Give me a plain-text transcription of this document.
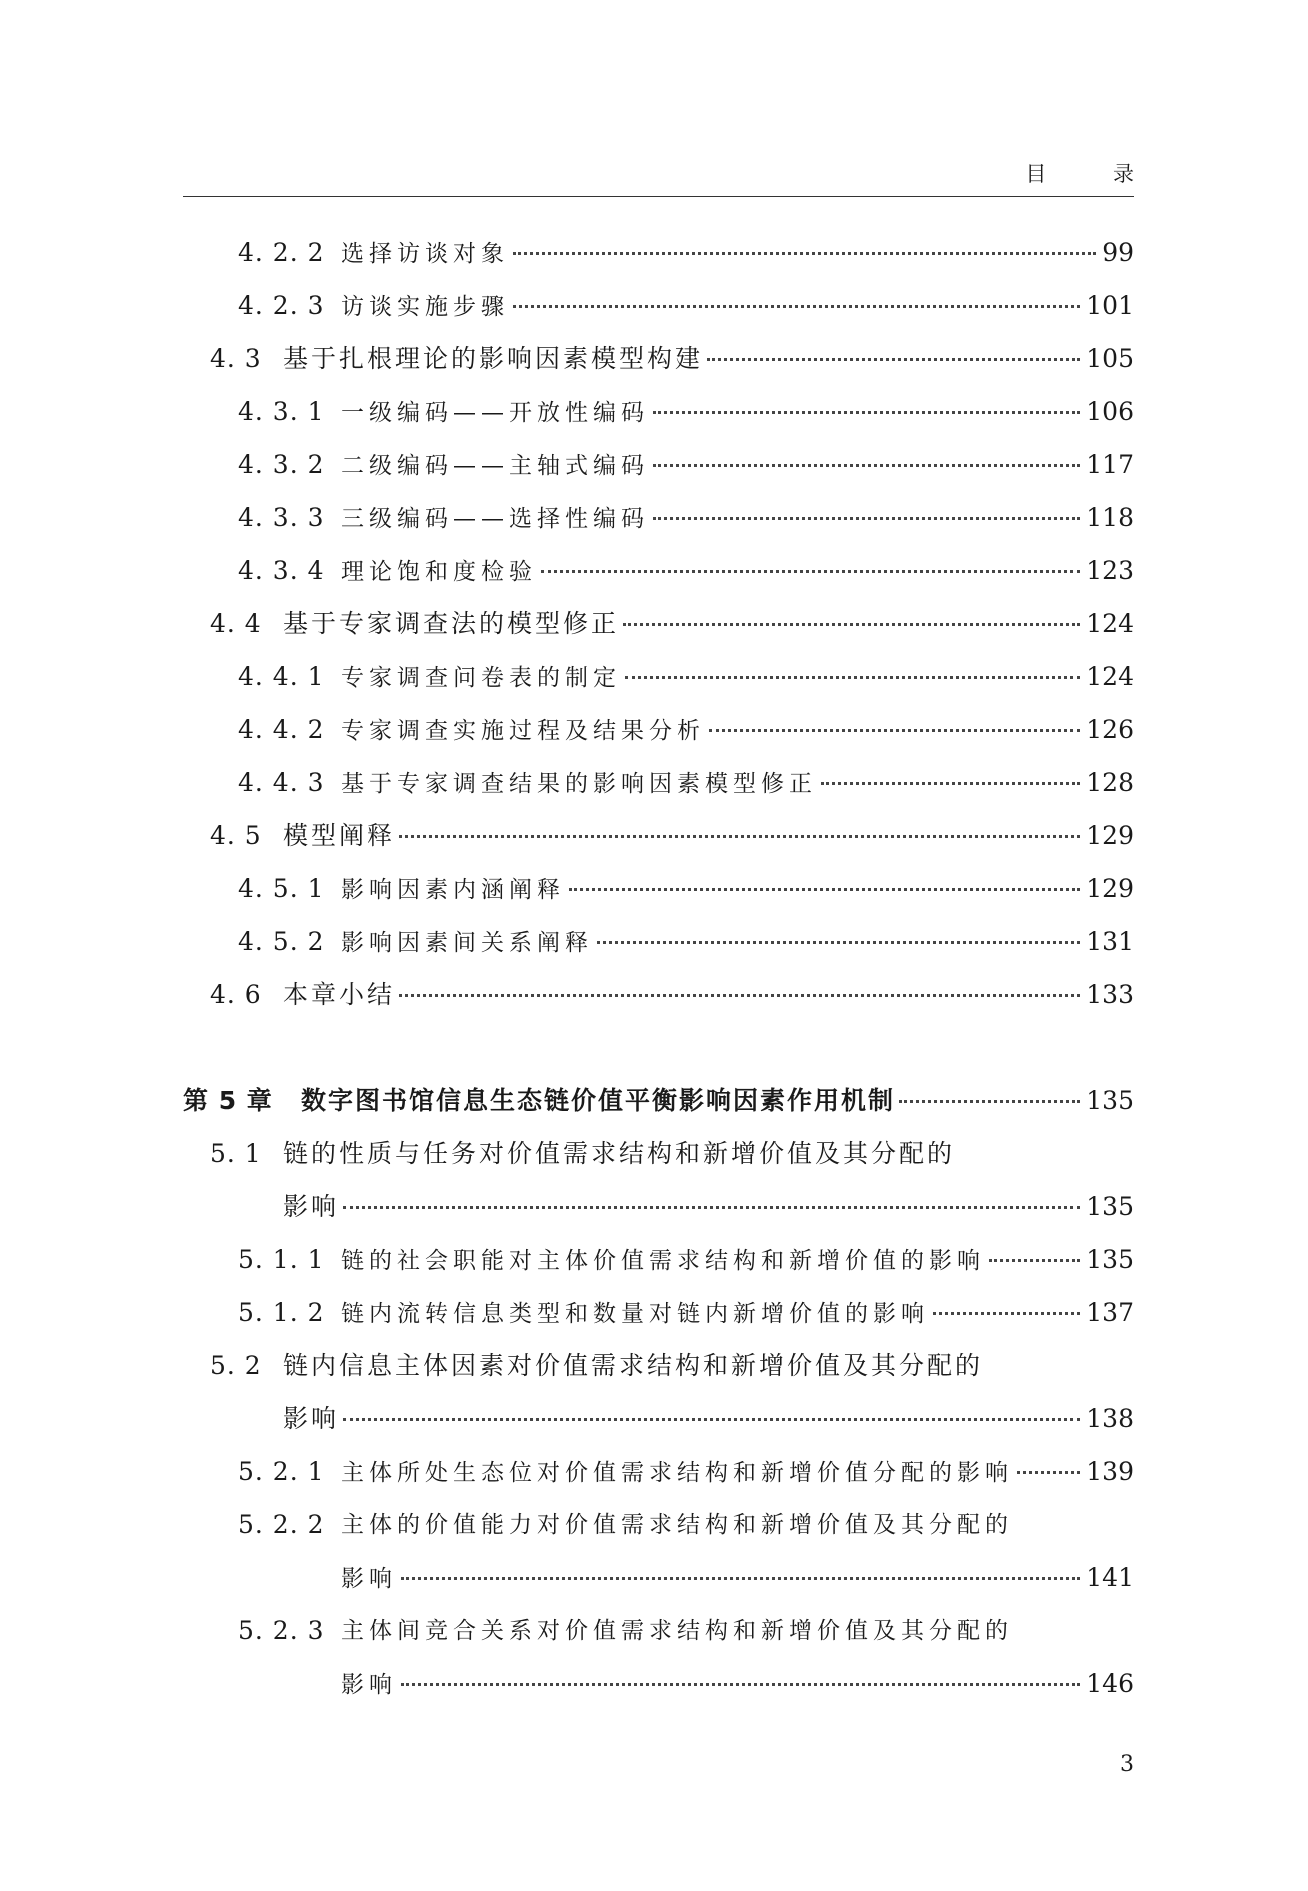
目 录
4. 2. 2 选择访谈对象	99
4. 2. 3 访谈实施步骤	101
4. 3 基于扎根理论的影响因素模型构建	105
4. 3. 1 一级编码——开放性编码	106
4. 3. 2 二级编码——主轴式编码	117
4. 3. 3 三级编码——选择性编码	118
4. 3. 4 理论饱和度检验	123
4. 4 基于专家调查法的模型修正	124
4. 4. 1 专家调查问卷表的制定	124
4. 4. 2 专家调查实施过程及结果分析	126
4. 4. 3 基于专家调查结果的影响因素模型修正	128
4. 5 模型阐释	129
4. 5. 1 影响因素内涵阐释	129
4. 5. 2 影响因素间关系阐释	131
4. 6 本章小结	133
第 5 章 数字图书馆信息生态链价值平衡影响因素作用机制	135
5. 1 链的性质与任务对价值需求结构和新增价值及其分配的
影响	135
5. 1. 1 链的社会职能对主体价值需求结构和新增价值的影响	135
5. 1. 2 链内流转信息类型和数量对链内新增价值的影响	137
5. 2 链内信息主体因素对价值需求结构和新增价值及其分配的
影响	138
5. 2. 1 主体所处生态位对价值需求结构和新增价值分配的影响	139
5. 2. 2 主体的价值能力对价值需求结构和新增价值及其分配的
影响	141
5. 2. 3 主体间竞合关系对价值需求结构和新增价值及其分配的
影响	146
3
